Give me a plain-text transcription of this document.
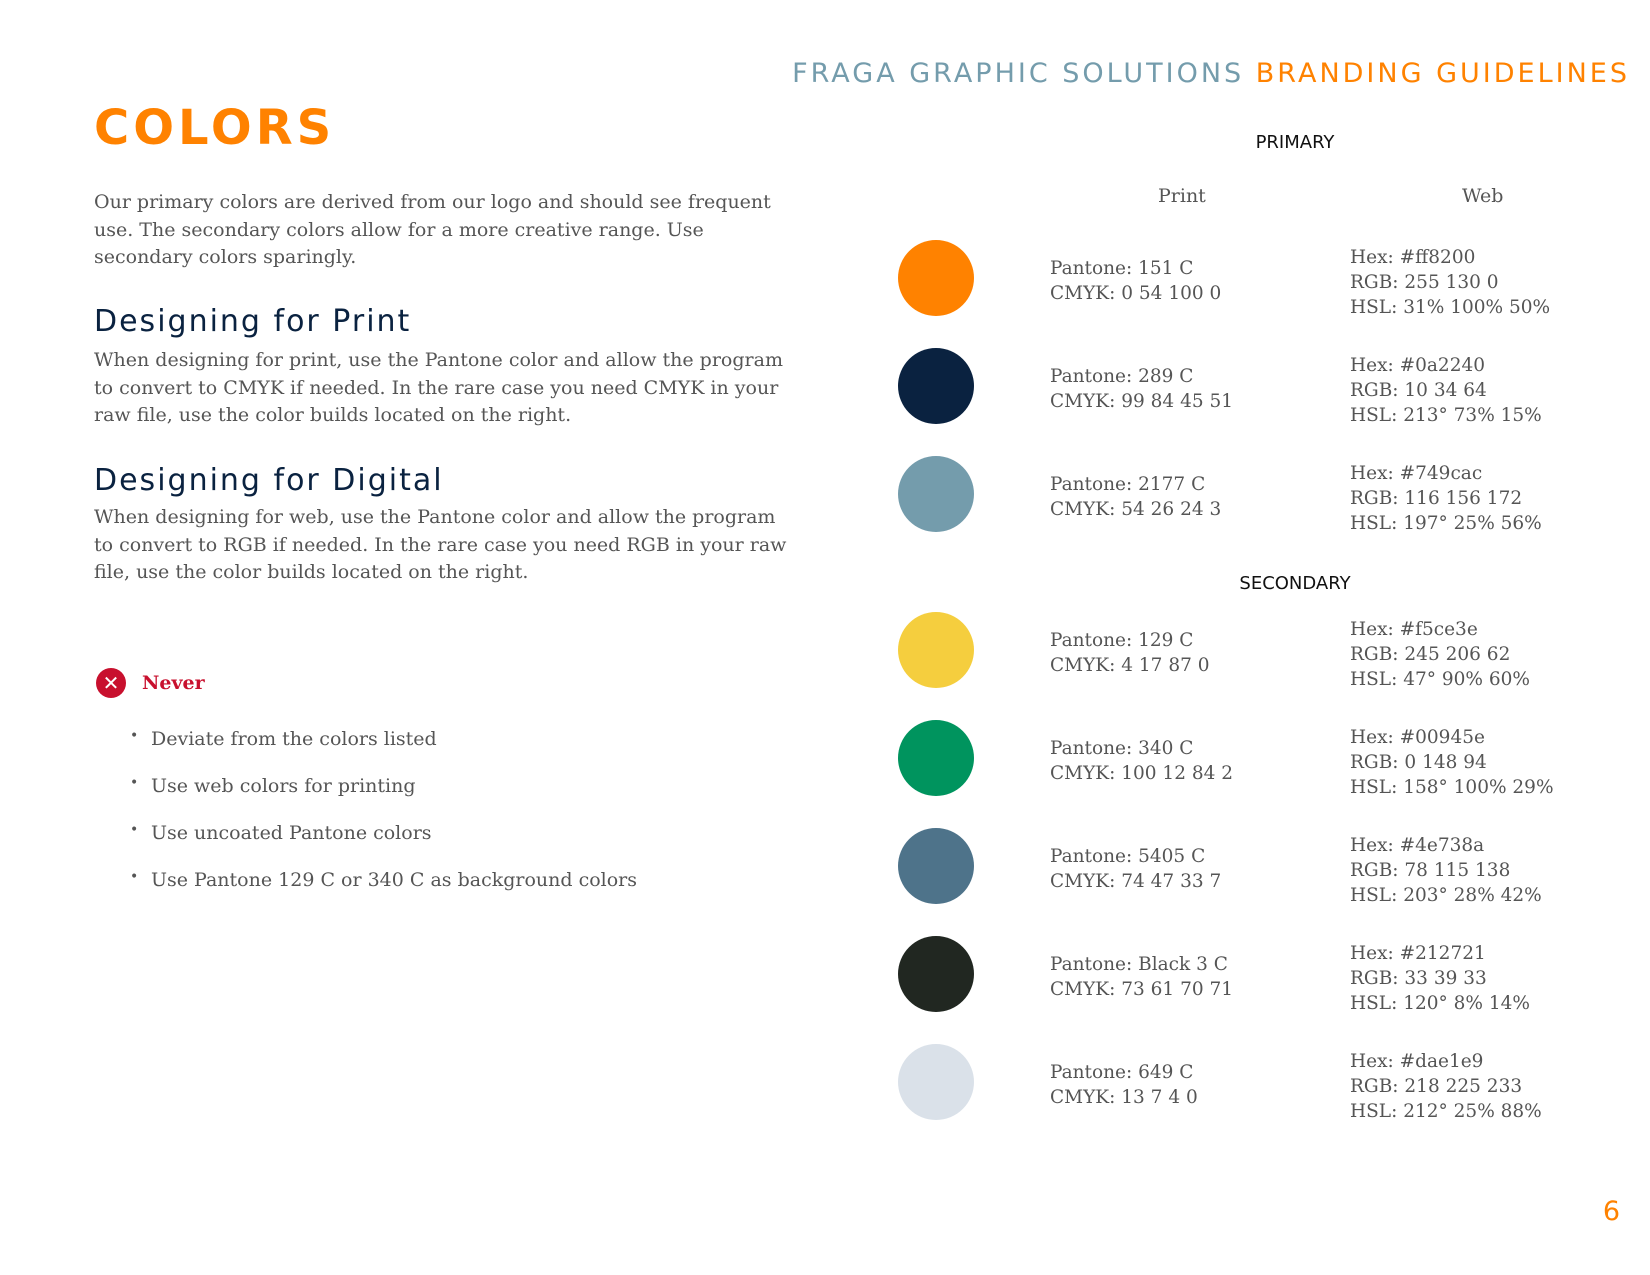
FRAGA GRAPHIC SOLUTIONS BRANDING GUIDELINES
COLORS

Our primary colors are derived from our logo and should see frequent use. The secondary colors allow for a more creative range. Use secondary colors sparingly.

Designing for Print

When designing for print, use the Pantone color and allow the program to convert to CMYK if needed. In the rare case you need CMYK in your raw file, use the color builds located on the right.

Designing for Digital

When designing for web, use the Pantone color and allow the program to convert to RGB if needed. In the rare case you need RGB in your raw file, use the color builds located on the right.

✕	Never
• Deviate from the colors listed
• Use web colors for printing
• Use uncoated Pantone colors
• Use Pantone 129 C or 340 C as background colors
PRIMARY
Print	Web
Pantone: 151 C
CMYK: 0 54 100 0
Hex: #ff8200
RGB: 255 130 0
HSL: 31% 100% 50%
Pantone: 289 C
CMYK: 99 84 45 51
Hex: #0a2240
RGB: 10 34 64
HSL: 213° 73% 15%
Pantone: 2177 C
CMYK: 54 26 24 3
Hex: #749cac
RGB: 116 156 172
HSL: 197° 25% 56%
SECONDARY
Pantone: 129 C
CMYK: 4 17 87 0
Hex: #f5ce3e
RGB: 245 206 62
HSL: 47° 90% 60%
Pantone: 340 C
CMYK: 100 12 84 2
Hex: #00945e
RGB: 0 148 94
HSL: 158° 100% 29%
Pantone: 5405 C
CMYK: 74 47 33 7
Hex: #4e738a
RGB: 78 115 138
HSL: 203° 28% 42%
Pantone: Black 3 C
CMYK: 73 61 70 71
Hex: #212721
RGB: 33 39 33
HSL: 120° 8% 14%
Pantone: 649 C
CMYK: 13 7 4 0
Hex: #dae1e9
RGB: 218 225 233
HSL: 212° 25% 88%
6
